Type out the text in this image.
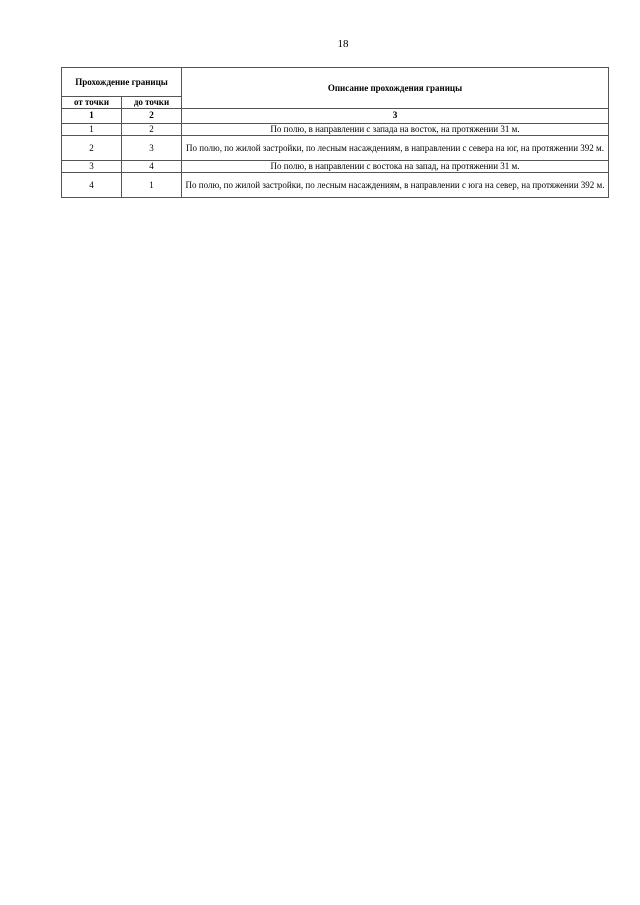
18
Прохождение границы		Описание прохождения границы
от точки	до точки	
1	2	3
1	2	По полю, в направлении с запада на восток, на протяжении 31 м.
2	3	По полю, по жилой застройки, по лесным насаждениям, в направлении с севера на юг, на протяжении 392 м.
3	4	По полю, в направлении с востока на запад, на протяжении 31 м.
4	1	По полю, по жилой застройки, по лесным насаждениям, в направлении с юга на север, на протяжении 392 м.
